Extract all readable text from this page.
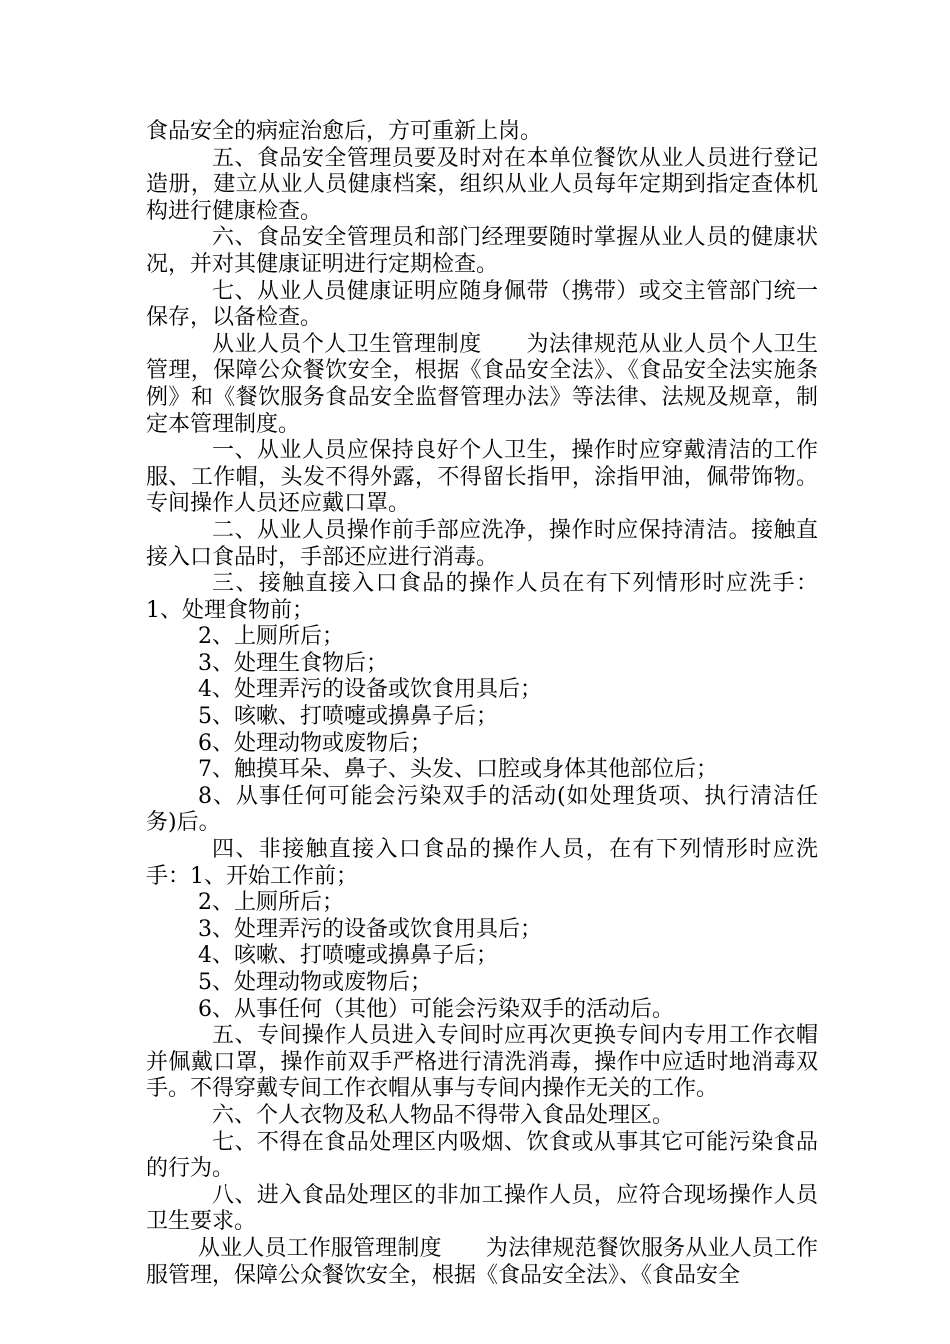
食品安全的病症治愈后，方可重新上岗。

五、食品安全管理员要及时对在本单位餐饮从业人员进行登记造册，建立从业人员健康档案，组织从业人员每年定期到指定查体机构进行健康检查。

六、食品安全管理员和部门经理要随时掌握从业人员的健康状况，并对其健康证明进行定期检查。

七、从业人员健康证明应随身佩带（携带）或交主管部门统一保存，以备检查。

从业人员个人卫生管理制度　　为法律规范从业人员个人卫生管理，保障公众餐饮安全，根据《食品安全法》、《食品安全法实施条例》和《餐饮服务食品安全监督管理办法》等法律、法规及规章，制定本管理制度。

一、从业人员应保持良好个人卫生，操作时应穿戴清洁的工作服、工作帽，头发不得外露，不得留长指甲，涂指甲油，佩带饰物。专间操作人员还应戴口罩。

二、从业人员操作前手部应洗净，操作时应保持清洁。接触直接入口食品时，手部还应进行消毒。

三、接触直接入口食品的操作人员在有下列情形时应洗手：1、处理食物前；

2、上厕所后；

3、处理生食物后；

4、处理弄污的设备或饮食用具后；

5、咳嗽、打喷嚏或擤鼻子后；

6、处理动物或废物后；

7、触摸耳朵、鼻子、头发、口腔或身体其他部位后；

8、从事任何可能会污染双手的活动(如处理货项、执行清洁任务)后。

四、非接触直接入口食品的操作人员，在有下列情形时应洗手：1、开始工作前；

2、上厕所后；

3、处理弄污的设备或饮食用具后；

4、咳嗽、打喷嚏或擤鼻子后；

5、处理动物或废物后；

6、从事任何（其他）可能会污染双手的活动后。

五、专间操作人员进入专间时应再次更换专间内专用工作衣帽并佩戴口罩，操作前双手严格进行清洗消毒，操作中应适时地消毒双手。不得穿戴专间工作衣帽从事与专间内操作无关的工作。

六、个人衣物及私人物品不得带入食品处理区。

七、不得在食品处理区内吸烟、饮食或从事其它可能污染食品的行为。

八、进入食品处理区的非加工操作人员，应符合现场操作人员卫生要求。

从业人员工作服管理制度　　为法律规范餐饮服务从业人员工作服管理，保障公众餐饮安全，根据《食品安全法》、《食品安全
